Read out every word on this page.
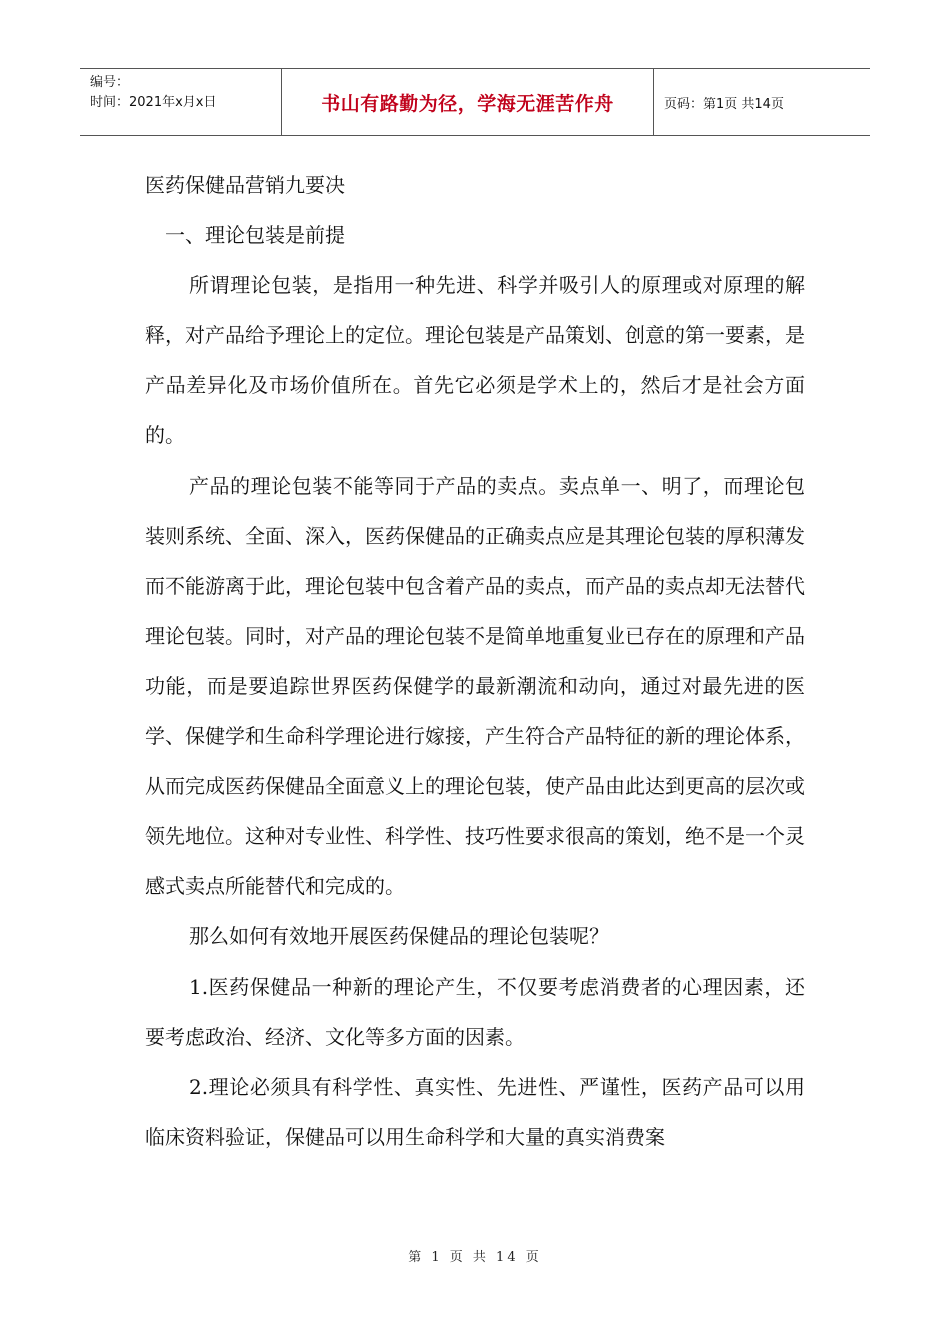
编号：
时间：2021年x月x日	书山有路勤为径，学海无涯苦作舟	页码：第1页 共14页

医药保健品营销九要决

一、理论包装是前提

所谓理论包装，是指用一种先进、科学并吸引人的原理或对原理的解释，对产品给予理论上的定位。理论包装是产品策划、创意的第一要素，是产品差异化及市场价值所在。首先它必须是学术上的，然后才是社会方面的。

产品的理论包装不能等同于产品的卖点。卖点单一、明了，而理论包装则系统、全面、深入，医药保健品的正确卖点应是其理论包装的厚积薄发而不能游离于此，理论包装中包含着产品的卖点，而产品的卖点却无法替代理论包装。同时，对产品的理论包装不是简单地重复业已存在的原理和产品功能，而是要追踪世界医药保健学的最新潮流和动向，通过对最先进的医学、保健学和生命科学理论进行嫁接，产生符合产品特征的新的理论体系，从而完成医药保健品全面意义上的理论包装，使产品由此达到更高的层次或领先地位。这种对专业性、科学性、技巧性要求很高的策划，绝不是一个灵感式卖点所能替代和完成的。

那么如何有效地开展医药保健品的理论包装呢？

1.医药保健品一种新的理论产生，不仅要考虑消费者的心理因素，还要考虑政治、经济、文化等多方面的因素。

2.理论必须具有科学性、真实性、先进性、严谨性，医药产品可以用临床资料验证，保健品可以用生命科学和大量的真实消费案

第 1 页 共 14 页
